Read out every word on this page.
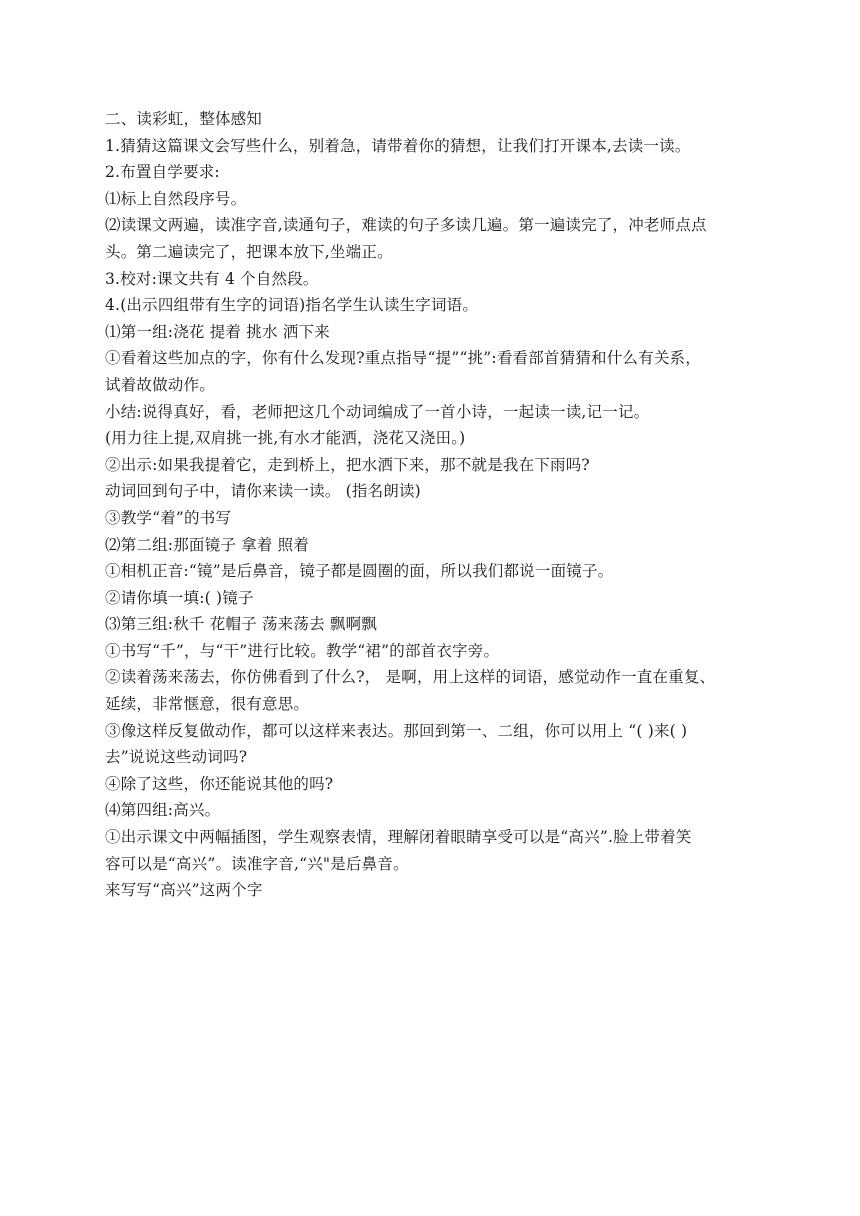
二、读彩虹，整体感知
1.猜猜这篇课文会写些什么，别着急，请带着你的猜想，让我们打开课本,去读一读。
2.布置自学要求:
⑴标上自然段序号。
⑵读课文两遍，读准字音,读通句子，难读的句子多读几遍。第一遍读完了，冲老师点点
头。第二遍读完了，把课本放下,坐端正。
3.校对:课文共有 4 个自然段。
4.(出示四组带有生字的词语)指名学生认读生字词语。
⑴第一组:浇花 提着 挑水 洒下来
①看着这些加点的字，你有什么发现?重点指导“提”“挑”:看看部首猜猜和什么有关系，
试着故做动作。
小结:说得真好，看，老师把这几个动词编成了一首小诗，一起读一读,记一记。
(用力往上提,双肩挑一挑,有水才能洒，浇花又浇田。)
②出示:如果我提着它，走到桥上，把水洒下来，那不就是我在下雨吗?
动词回到句子中，请你来读一读。 (指名朗读)
③教学“着”的书写
⑵第二组:那面镜子 拿着 照着
①相机正音:“镜”是后鼻音，镜子都是圆圈的面，所以我们都说一面镜子。
②请你填一填:( )镜子
⑶第三组:秋千 花帽子 荡来荡去 飘啊飘
①书写“千”，与“干”进行比较。教学“裙”的部首衣字旁。
②读着荡来荡去，你仿佛看到了什么?， 是啊，用上这样的词语，感觉动作一直在重复、
延续，非常惬意，很有意思。
③像这样反复做动作，都可以这样来表达。那回到第一、二组，你可以用上 “( )来( )
去”说说这些动词吗?
④除了这些，你还能说其他的吗?
⑷第四组:高兴。
①出示课文中两幅插图，学生观察表情，理解闭着眼睛享受可以是“高兴”.脸上带着笑
容可以是“高兴”。读准字音,“兴"是后鼻音。
来写写“高兴”这两个字
